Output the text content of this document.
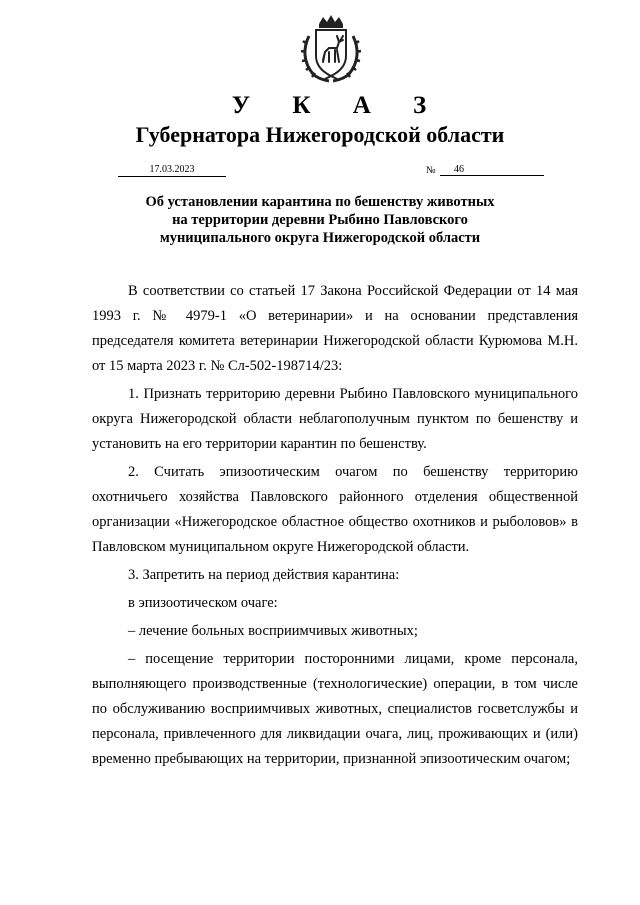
У К А З
Губернатора Нижегородской области
17.03.2023	№	46
Об установлении карантина по бешенству животных
на территории деревни Рыбино Павловского
муниципального округа Нижегородской области

В соответствии со статьей 17 Закона Российской Федерации от 14 мая 1993 г. № 4979-1 «О ветеринарии» и на основании представления председателя комитета ветеринарии Нижегородской области Курюмова М.Н. от 15 марта 2023 г. № Сл-502-198714/23:

1. Признать территорию деревни Рыбино Павловского муниципального округа Нижегородской области неблагополучным пунктом по бешенству и установить на его территории карантин по бешенству.

2. Считать эпизоотическим очагом по бешенству территорию охотничьего хозяйства Павловского районного отделения общественной организации «Нижегородское областное общество охотников и рыболовов» в Павловском муниципальном округе Нижегородской области.

3. Запретить на период действия карантина:

в эпизоотическом очаге:

– лечение больных восприимчивых животных;

– посещение территории посторонними лицами, кроме персонала, выполняющего производственные (технологические) операции, в том числе по обслуживанию восприимчивых животных, специалистов госветслужбы и персонала, привлеченного для ликвидации очага, лиц, проживающих и (или) временно пребывающих на территории, признанной эпизоотическим очагом;
